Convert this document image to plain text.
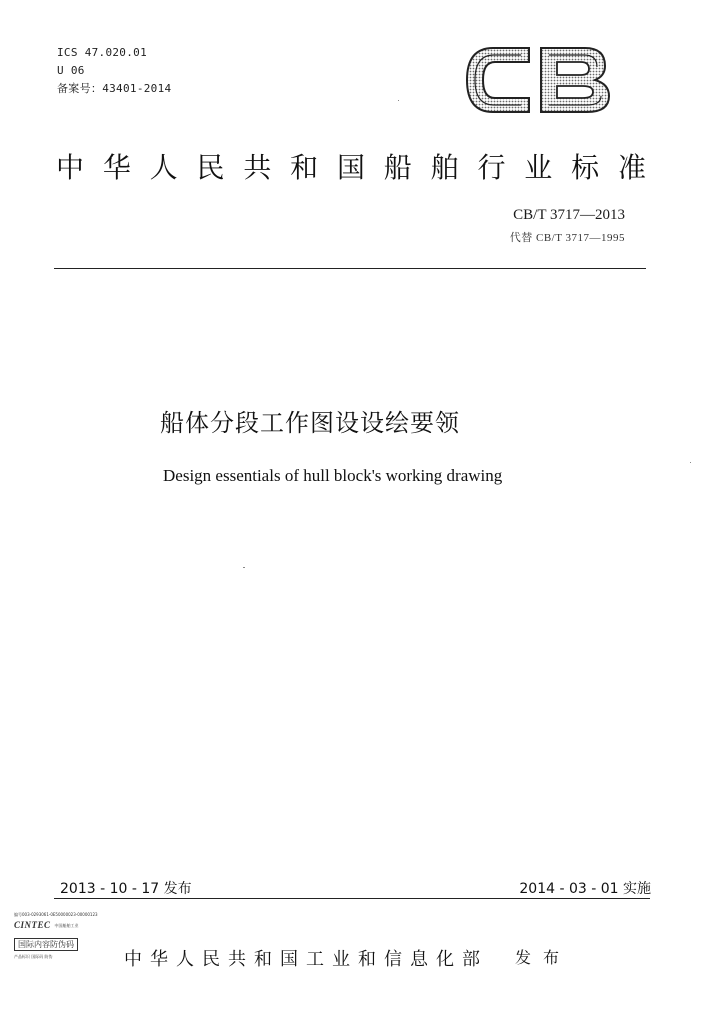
ICS 47.020.01
U 06
备案号：43401-2014
中 华 人 民 共 和 国 船 舶 行 业 标 准
CB/T 3717—2013
代替 CB/T 3717—1995
船体分段工作图设设绘要领
Design essentials of hull block's working drawing
2013 - 10 - 17 发布	2014 - 03 - 01 实施
编号003-0293061-0E50000023-00000123
CINTEC 中国船舶工业
国际内容防伪码
产品标识 国际码 防伪	中 华 人 民 共 和 国 工 业 和 信 息 化 部 发布
